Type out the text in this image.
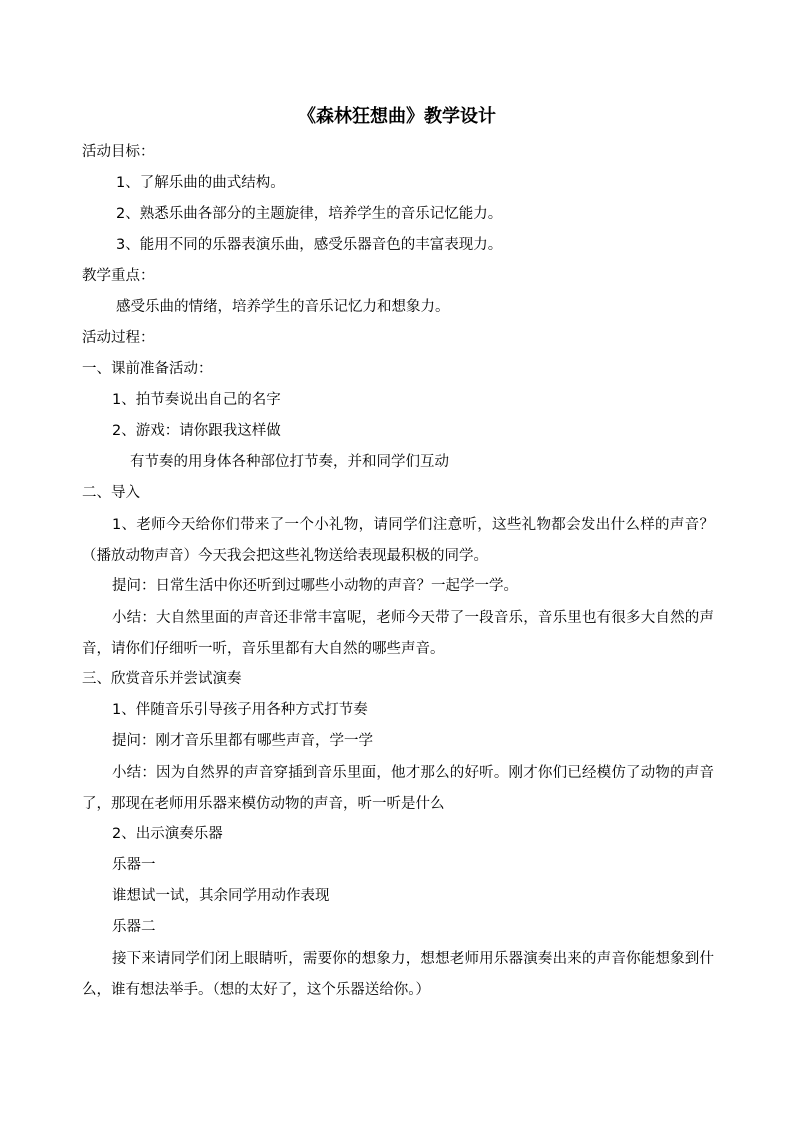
《森林狂想曲》教学设计
活动目标：
1、了解乐曲的曲式结构。
2、熟悉乐曲各部分的主题旋律，培养学生的音乐记忆能力。
3、能用不同的乐器表演乐曲，感受乐器音色的丰富表现力。
教学重点：
感受乐曲的情绪，培养学生的音乐记忆力和想象力。
活动过程：
一、课前准备活动：
1、拍节奏说出自己的名字
2、游戏：请你跟我这样做
有节奏的用身体各种部位打节奏，并和同学们互动
二、导入
1、老师今天给你们带来了一个小礼物，请同学们注意听，这些礼物都会发出什么样的声音？（播放动物声音）今天我会把这些礼物送给表现最积极的同学。
提问：日常生活中你还听到过哪些小动物的声音？一起学一学。
小结：大自然里面的声音还非常丰富呢，老师今天带了一段音乐，音乐里也有很多大自然的声音，请你们仔细听一听，音乐里都有大自然的哪些声音。
三、欣赏音乐并尝试演奏
1、伴随音乐引导孩子用各种方式打节奏
提问：刚才音乐里都有哪些声音，学一学
小结：因为自然界的声音穿插到音乐里面，他才那么的好听。刚才你们已经模仿了动物的声音了，那现在老师用乐器来模仿动物的声音，听一听是什么
2、出示演奏乐器
乐器一
谁想试一试，其余同学用动作表现
乐器二
接下来请同学们闭上眼睛听，需要你的想象力，想想老师用乐器演奏出来的声音你能想象到什么，谁有想法举手。（想的太好了，这个乐器送给你。）
